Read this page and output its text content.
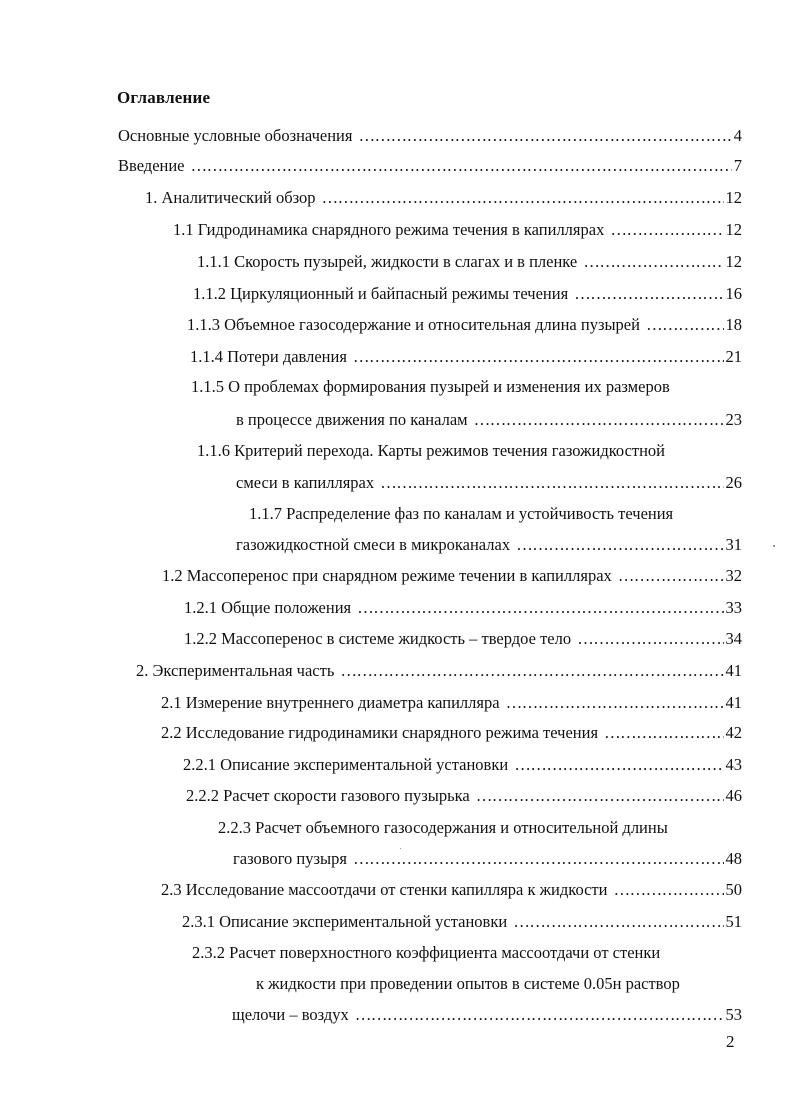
Оглавление
Основные условные обозначения	4
…………………………………………………………………………………………………………………………………………………………………
Введение	7
…………………………………………………………………………………………………………………………………………………………………
1. Аналитический обзор	12
…………………………………………………………………………………………………………………………………………………………………
1.1 Гидродинамика снарядного режима течения в капиллярах	12
…………………………………………………………………………………………………………………………………………………………………
1.1.1 Скорость пузырей, жидкости в слагах и в пленке	12
…………………………………………………………………………………………………………………………………………………………………
1.1.2 Циркуляционный и байпасный режимы течения	16
…………………………………………………………………………………………………………………………………………………………………
1.1.3 Объемное газосодержание и относительная длина пузырей	18
…………………………………………………………………………………………………………………………………………………………………
1.1.4 Потери давления	21
…………………………………………………………………………………………………………………………………………………………………
1.1.5 О проблемах формирования пузырей и изменения их размеров
в процессе движения по каналам	23
…………………………………………………………………………………………………………………………………………………………………
1.1.6 Критерий перехода. Карты режимов течения газожидкостной
смеси в капиллярах	26
…………………………………………………………………………………………………………………………………………………………………
1.1.7 Распределение фаз по каналам и устойчивость течения
газожидкостной смеси в микроканалах	31
…………………………………………………………………………………………………………………………………………………………………
1.2 Массоперенос при снарядном режиме течении в капиллярах	32
…………………………………………………………………………………………………………………………………………………………………
1.2.1 Общие положения	33
…………………………………………………………………………………………………………………………………………………………………
1.2.2 Массоперенос в системе жидкость – твердое тело	34
…………………………………………………………………………………………………………………………………………………………………
2. Экспериментальная часть	41
…………………………………………………………………………………………………………………………………………………………………
2.1 Измерение внутреннего диаметра капилляра	41
…………………………………………………………………………………………………………………………………………………………………
2.2 Исследование гидродинамики снарядного режима течения	42
…………………………………………………………………………………………………………………………………………………………………
2.2.1 Описание экспериментальной установки	43
…………………………………………………………………………………………………………………………………………………………………
2.2.2 Расчет скорости газового пузырька	46
…………………………………………………………………………………………………………………………………………………………………
2.2.3 Расчет объемного газосодержания и относительной длины
газового пузыря	48
…………………………………………………………………………………………………………………………………………………………………
2.3 Исследование массоотдачи от стенки капилляра к жидкости	50
…………………………………………………………………………………………………………………………………………………………………
2.3.1 Описание экспериментальной установки	51
…………………………………………………………………………………………………………………………………………………………………
2.3.2 Расчет поверхностного коэффициента массоотдачи от стенки
к жидкости при проведении опытов в системе 0.05н раствор
щелочи – воздух	53
…………………………………………………………………………………………………………………………………………………………………
2
